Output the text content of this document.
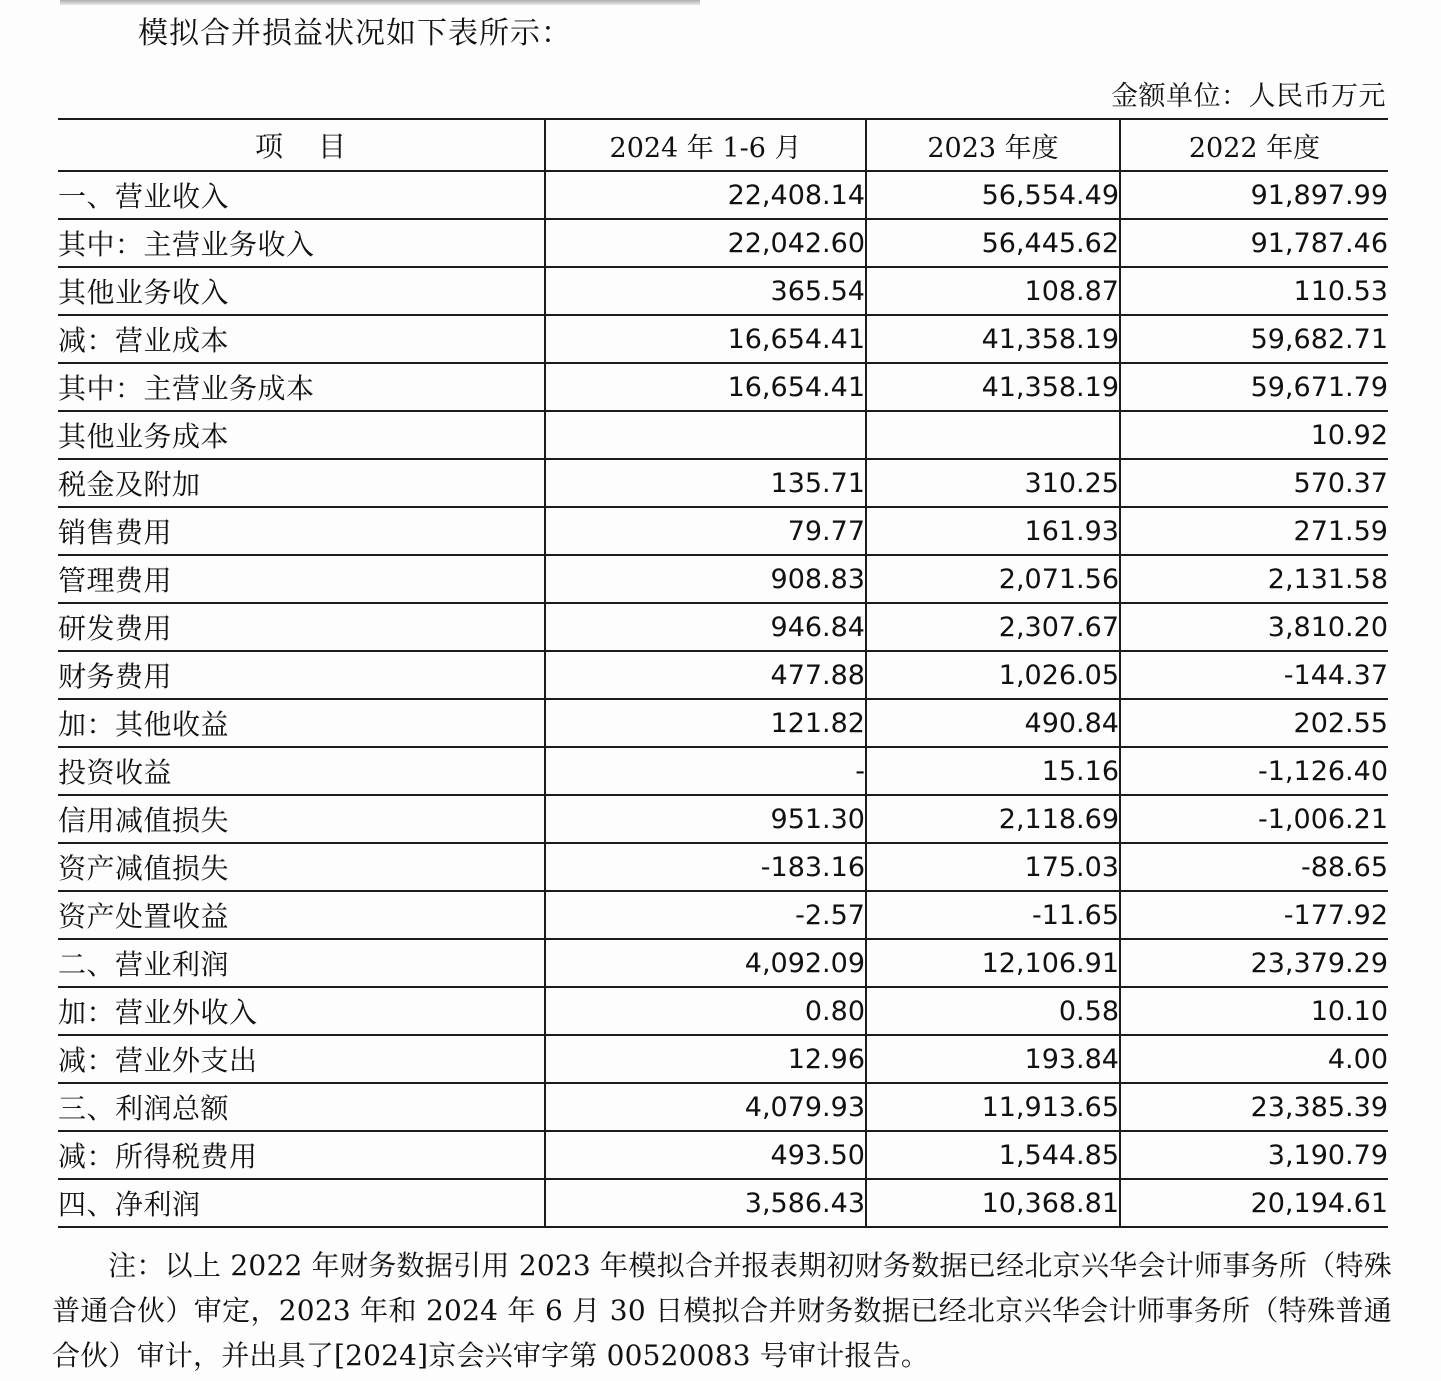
模拟合并损益状况如下表所示：
金额单位：人民币万元
项 目	2024 年 1-6 月	2023 年度	2022 年度
一、营业收入	22,408.14	56,554.49	91,897.99
其中：主营业务收入	22,042.60	56,445.62	91,787.46
其他业务收入	365.54	108.87	110.53
减：营业成本	16,654.41	41,358.19	59,682.71
其中：主营业务成本	16,654.41	41,358.19	59,671.79
其他业务成本			10.92
税金及附加	135.71	310.25	570.37
销售费用	79.77	161.93	271.59
管理费用	908.83	2,071.56	2,131.58
研发费用	946.84	2,307.67	3,810.20
财务费用	477.88	1,026.05	-144.37
加：其他收益	121.82	490.84	202.55
投资收益	-	15.16	-1,126.40
信用减值损失	951.30	2,118.69	-1,006.21
资产减值损失	-183.16	175.03	-88.65
资产处置收益	-2.57	-11.65	-177.92
二、营业利润	4,092.09	12,106.91	23,379.29
加：营业外收入	0.80	0.58	10.10
减：营业外支出	12.96	193.84	4.00
三、利润总额	4,079.93	11,913.65	23,385.39
减：所得税费用	493.50	1,544.85	3,190.79
四、净利润	3,586.43	10,368.81	20,194.61

注：以上 2022 年财务数据引用 2023 年模拟合并报表期初财务数据已经北京兴华会计师事务所（特殊普通合伙）审定，2023 年和 2024 年 6 月 30 日模拟合并财务数据已经北京兴华会计师事务所（特殊普通合伙）审计，并出具了[2024]京会兴审字第 00520083 号审计报告。
